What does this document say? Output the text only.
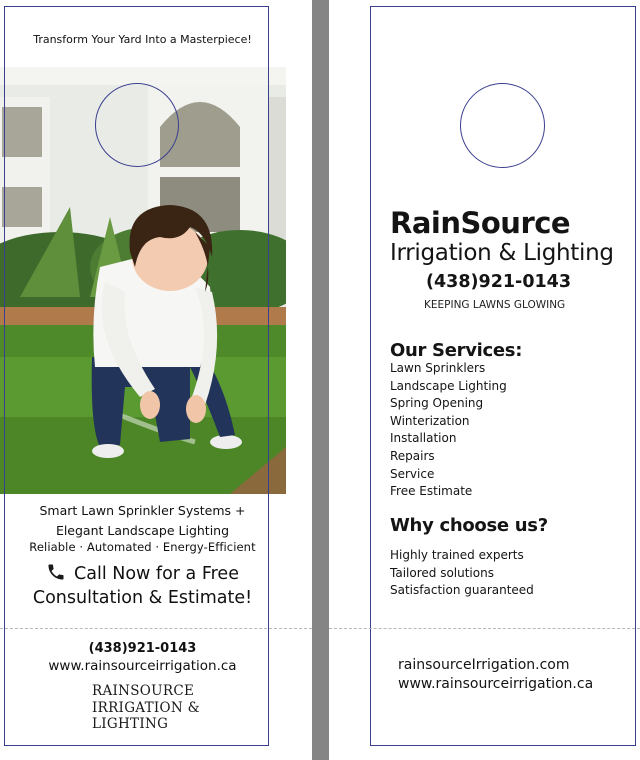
Transform Your Yard Into a Masterpiece!
Smart Lawn Sprinkler Systems +
Elegant Landscape Lighting
Reliable · Automated · Energy-Efficient
Call Now for a Free
Consultation & Estimate!
(438)921-0143
www.rainsourceirrigation.ca
RAINSOURCE
IRRIGATION &
LIGHTING
RainSource
Irrigation & Lighting
(438)921-0143
KEEPING LAWNS GLOWING
Our Services:
Lawn Sprinklers
Landscape Lighting
Spring Opening
Winterization
Installation
Repairs
Service
Free Estimate
Why choose us?
Highly trained experts
Tailored solutions
Satisfaction guaranteed
rainsourceIrrigation.com
www.rainsourceirrigation.ca
